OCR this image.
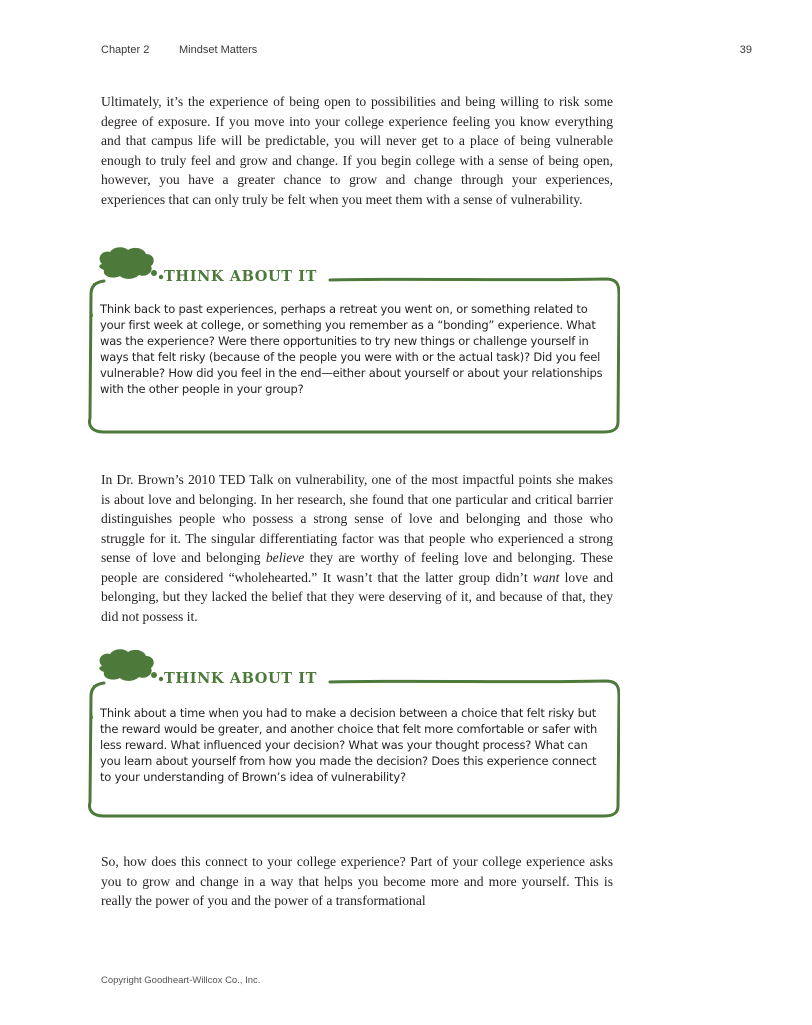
Chapter 2	Mindset Matters	39

Ultimately, it’s the experience of being open to possibilities and being willing to risk some degree of exposure. If you move into your college experience feeling you know everything and that campus life will be predictable, you will never get to a place of being vulnerable enough to truly feel and grow and change. If you begin college with a sense of being open, however, you have a greater chance to grow and change through your experiences, experiences that can only truly be felt when you meet them with a sense of vulnerability.

THINK ABOUT IT

Think back to past experiences, perhaps a retreat you went on, or something related to your first week at college, or something you remember as a “bonding” experience. What was the experience? Were there opportunities to try new things or challenge yourself in ways that felt risky (because of the people you were with or the actual task)? Did you feel vulnerable? How did you feel in the end—either about yourself or about your relationships with the other people in your group?

In Dr. Brown’s 2010 TED Talk on vulnerability, one of the most impactful points she makes is about love and belonging. In her research, she found that one particular and critical barrier distinguishes people who possess a strong sense of love and belonging and those who struggle for it. The singular differentiating factor was that people who experienced a strong sense of love and belonging believe they are worthy of feeling love and belonging. These people are considered “wholehearted.” It wasn’t that the latter group didn’t want love and belonging, but they lacked the belief that they were deserving of it, and because of that, they did not possess it.

THINK ABOUT IT

Think about a time when you had to make a decision between a choice that felt risky but the reward would be greater, and another choice that felt more comfortable or safer with less reward. What influenced your decision? What was your thought process? What can you learn about yourself from how you made the decision? Does this experience connect to your understanding of Brown’s idea of vulnerability?

So, how does this connect to your college experience? Part of your college experience asks you to grow and change in a way that helps you become more and more yourself. This is really the power of you and the power of a transformational

Copyright Goodheart-Willcox Co., Inc.
